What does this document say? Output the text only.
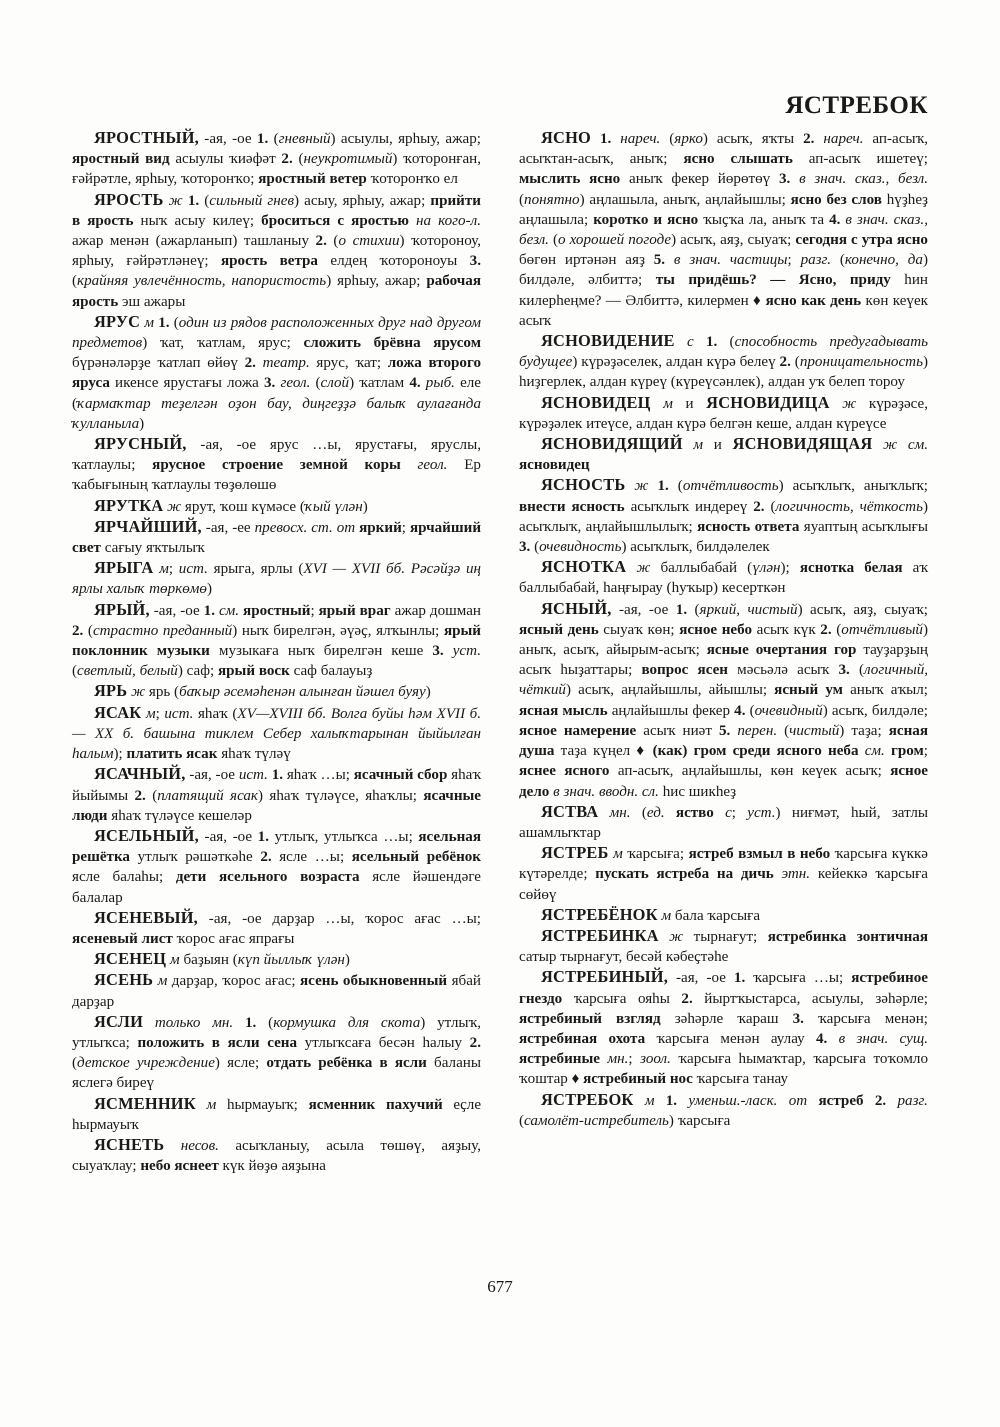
ЯСТРЕБОК

ЯРОСТНЫЙ, -ая, -ое 1. (гневный) асыулы, ярһыу, ажар; яростный вид асыулы ҡиәфәт 2. (неукротимый) ҡоторонған, ғәйрәтле, ярһыу, ҡоторонҡо; яростный ветер ҡоторонҡо ел

ЯРОСТЬ ж 1. (сильный гнев) асыу, ярһыу, ажар; прийти в ярость ныҡ асыу килеү; броситься с яростью на кого-л. ажар менән (ажарланып) ташланыу 2. (о стихии) ҡотороноу, ярһыу, ғәйрәтләнеү; ярость ветра елдең ҡотороноуы 3. (крайняя увлечённость, напористость) ярһыу, ажар; рабочая ярость эш ажары

ЯРУС м 1. (один из рядов расположенных друг над другом предметов) ҡат, ҡатлам, ярус; сложить брёвна ярусом бүрәнәләрҙе ҡатлап өйөү 2. театр. ярус, ҡат; ложа второго яруса икенсе ярустағы ложа 3. геол. (слой) ҡатлам 4. рыб. еле (ҡармаҡтар теҙелгән оҙон бау, диңгеҙҙә балыҡ аулағанда ҡулланыла)

ЯРУСНЫЙ, -ая, -ое ярус …ы, ярустағы, яруслы, ҡатлаулы; ярусное строение земной коры геол. Ер ҡабығының ҡатлаулы төҙөлөшө

ЯРУТКА ж ярут, ҡош күмәсе (ҡый үлән)

ЯРЧАЙШИЙ, -ая, -ее превосх. ст. от яркий; ярчайший свет сағыу яҡтылыҡ

ЯРЫГА м; ист. ярыга, ярлы (XVI — XVII бб. Рәсәйҙә иң ярлы халыҡ төркөмө)

ЯРЫЙ, -ая, -ое 1. см. яростный; ярый враг ажар дошман 2. (страстно преданный) ныҡ бирелгән, әүәҫ, ялҡынлы; ярый поклонник музыки музыкаға ныҡ бирелгән кеше 3. уст. (светлый, белый) саф; ярый воск саф балауыҙ

ЯРЬ ж ярь (баҡыр әсемәһенән алынған йәшел буяу)

ЯСАК м; ист. яһаҡ (XV—XVIII бб. Волга буйы һәм XVII б. — XX б. башына тиклем Себер халыҡтарынан йыйылған һалым); платить ясак яһаҡ түләү

ЯСАЧНЫЙ, -ая, -ое ист. 1. яһаҡ …ы; ясачный сбор яһаҡ йыйымы 2. (платящий ясак) яһаҡ түләүсе, яһаҡлы; ясачные люди яһаҡ түләүсе кешеләр

ЯСЕЛЬНЫЙ, -ая, -ое 1. утлыҡ, утлыҡса …ы; ясельная решётка утлыҡ рәшәткәһе 2. ясле …ы; ясельный ребёнок ясле балаһы; дети ясельного возраста ясле йәшендәге балалар

ЯСЕНЕВЫЙ, -ая, -ое дарҙар …ы, ҡорос ағас …ы; ясеневый лист ҡорос ағас япрағы

ЯСЕНЕЦ м баҙыян (күп йыллыҡ үлән)

ЯСЕНЬ м дарҙар, ҡорос ағас; ясень обыкновенный ябай дарҙар

ЯСЛИ только мн. 1. (кормушка для скота) утлыҡ, утлыҡса; положить в ясли сена утлыҡсаға бесән һалыу 2. (детское учреждение) ясле; отдать ребёнка в ясли баланы яслегә биреү

ЯСМЕННИК м һырмауыҡ; ясменник пахучий еҫле һырмауыҡ

ЯСНЕТЬ несов. асыҡланыу, асыла төшөү, аяҙыу, сыуаҡлау; небо яснеет күк йөҙө аяҙына

ЯСНО 1. нареч. (ярко) асыҡ, яҡты 2. нареч. ап-асыҡ, асыҡтан-асыҡ, аныҡ; ясно слышать ап-асыҡ ишетеү; мыслить ясно аныҡ фекер йөрөтөү 3. в знач. сказ., безл. (понятно) аңлашыла, аныҡ, аңлайышлы; ясно без слов һүҙһеҙ аңлашыла; коротко и ясно ҡыҫҡа ла, аныҡ та 4. в знач. сказ., безл. (о хорошей погоде) асыҡ, аяҙ, сыуаҡ; сегодня с утра ясно бөгөн иртәнән аяҙ 5. в знач. частицы; разг. (конечно, да) билдәле, әлбиттә; ты придёшь? — Ясно, приду һин килерһеңме? — Әлбиттә, килермен ♦ ясно как день көн кеүек асыҡ

ЯСНОВИДЕНИЕ с 1. (способность предугадывать будущее) күрәҙәселек, алдан күрә белеү 2. (проницательность) һиҙгерлек, алдан күреү (күреүсәнлек), алдан уҡ белеп тороу

ЯСНОВИДЕЦ м и ЯСНОВИДИЦА ж күрәҙәсе, күрәҙәлек итеүсе, алдан күрә белгән кеше, алдан күреүсе

ЯСНОВИДЯЩИЙ м и ЯСНОВИДЯЩАЯ ж см. ясновидец

ЯСНОСТЬ ж 1. (отчётливость) асыҡлыҡ, аныҡлыҡ; внести ясность асыҡлыҡ индереү 2. (логичность, чёткость) асыҡлыҡ, аңлайышлылыҡ; ясность ответа яуаптың асыҡлығы 3. (очевидность) асыҡлыҡ, билдәлелек

ЯСНОТКА ж баллыбабай (үлән); яснотка белая аҡ баллыбабай, һаңғырау (һуҡыр) кесерткән

ЯСНЫЙ, -ая, -ое 1. (яркий, чистый) асыҡ, аяҙ, сыуаҡ; ясный день сыуаҡ көн; ясное небо асыҡ күк 2. (отчётливый) аныҡ, асыҡ, айырым-асыҡ; ясные очертания гор тауҙарҙың асыҡ һыҙаттары; вопрос ясен мәсьәлә асыҡ 3. (логичный, чёткий) асыҡ, аңлайышлы, айышлы; ясный ум аныҡ аҡыл; ясная мысль аңлайышлы фекер 4. (очевидный) асыҡ, билдәле; ясное намерение асыҡ ниәт 5. перен. (чистый) таҙа; ясная душа таҙа күңел ♦ (как) гром среди ясного неба см. гром; яснее ясного ап-асыҡ, аңлайышлы, көн кеүек асыҡ; ясное дело в знач. вводн. сл. һис шикһеҙ

ЯСТВА мн. (ед. яство с; уст.) ниғмәт, һый, затлы ашамлыҡтар

ЯСТРЕБ м ҡарсыға; ястреб взмыл в небо ҡарсыға күккә күтәрелде; пускать ястреба на дичь этн. кейеккә ҡарсыға сөйөү

ЯСТРЕБЁНОК м бала ҡарсыға

ЯСТРЕБИНКА ж тырнағут; ястребинка зонтичная сатыр тырнағут, бесәй кәбеҫтәһе

ЯСТРЕБИНЫЙ, -ая, -ое 1. ҡарсыға …ы; ястребиное гнездо ҡарсыға ояһы 2. йыртҡыстарса, асыулы, зәһәрле; ястребиный взгляд зәһәрле ҡараш 3. ҡарсыға менән; ястребиная охота ҡарсыға менән аулау 4. в знач. сущ. ястребиные мн.; зоол. ҡарсыға һымаҡтар, ҡарсыға тоҡомло ҡоштар ♦ ястребиный нос ҡарсыға танау

ЯСТРЕБОК м 1. уменьш.-ласк. от ястреб 2. разг. (самолёт-истребитель) ҡарсыға

677
